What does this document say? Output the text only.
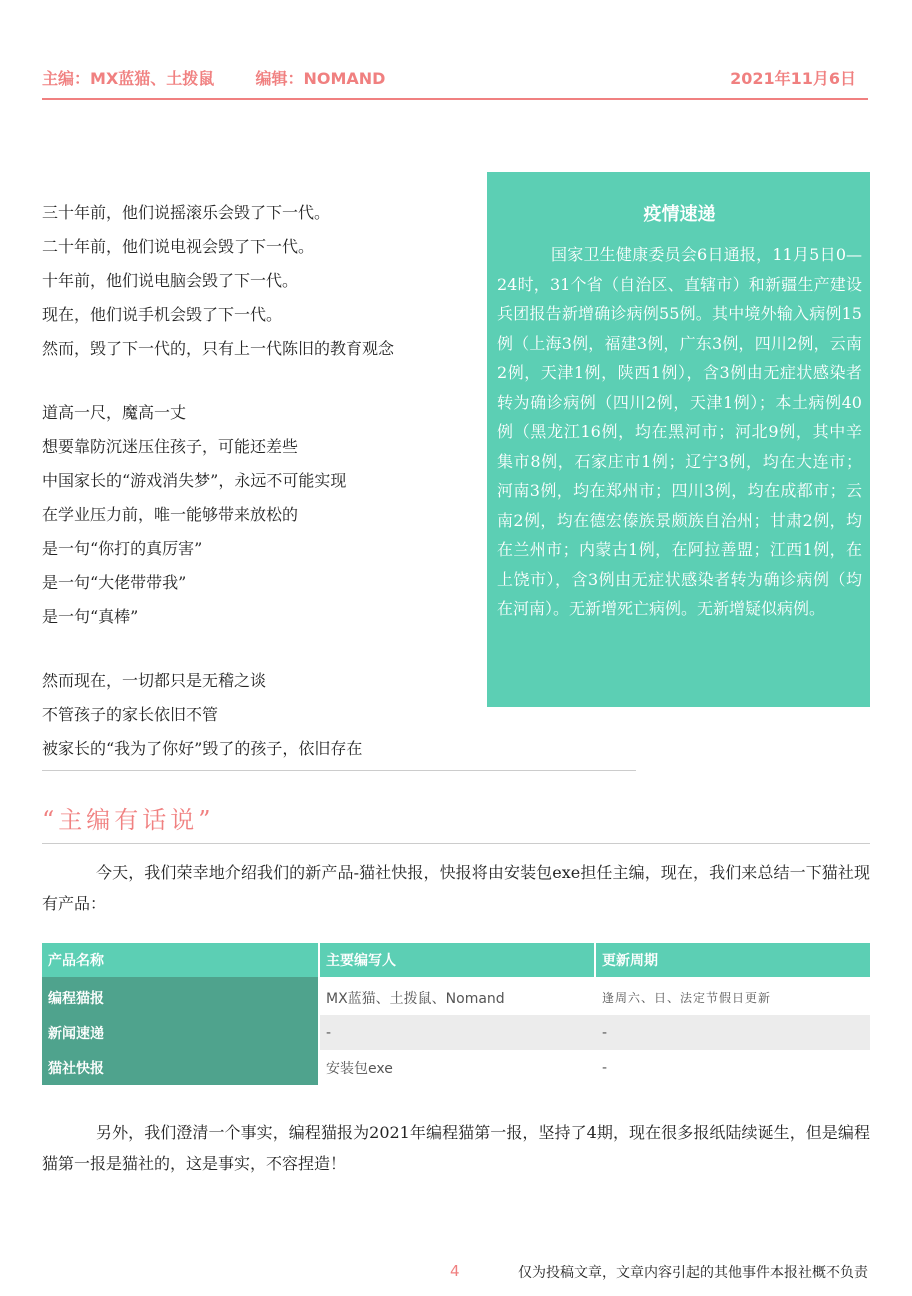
主编：MX蓝猫、土拨鼠	编辑：NOMAND	2021年11月6日

三十年前，他们说摇滚乐会毁了下一代。

二十年前，他们说电视会毁了下一代。

十年前，他们说电脑会毁了下一代。

现在，他们说手机会毁了下一代。

然而，毁了下一代的，只有上一代陈旧的教育观念

道高一尺，魔高一丈

想要靠防沉迷压住孩子，可能还差些

中国家长的“游戏消失梦”，永远不可能实现

在学业压力前，唯一能够带来放松的

是一句“你打的真厉害”

是一句“大佬带带我”

是一句“真棒”

然而现在，一切都只是无稽之谈

不管孩子的家长依旧不管

被家长的“我为了你好”毁了的孩子，依旧存在

疫情速递

国家卫生健康委员会6日通报，11月5日0—24时，31个省（自治区、直辖市）和新疆生产建设兵团报告新增确诊病例55例。其中境外输入病例15例（上海3例，福建3例，广东3例，四川2例，云南2例，天津1例，陕西1例），含3例由无症状感染者转为确诊病例（四川2例，天津1例）；本土病例40例（黑龙江16例，均在黑河市；河北9例，其中辛集市8例，石家庄市1例；辽宁3例，均在大连市；河南3例，均在郑州市；四川3例，均在成都市；云南2例，均在德宏傣族景颇族自治州；甘肃2例，均在兰州市；内蒙古1例，在阿拉善盟；江西1例，在上饶市），含3例由无症状感染者转为确诊病例（均在河南）。无新增死亡病例。无新增疑似病例。

“主编有话说”

今天，我们荣幸地介绍我们的新产品-猫社快报，快报将由安装包exe担任主编，现在，我们来总结一下猫社现有产品：

产品名称	主要编写人	更新周期
编程猫报	MX蓝猫、土拨鼠、Nomand	逢周六、日、法定节假日更新
新闻速递	-	-
猫社快报	安装包exe	-

另外，我们澄清一个事实，编程猫报为2021年编程猫第一报，坚持了4期，现在很多报纸陆续诞生，但是编程猫第一报是猫社的，这是事实，不容捏造！

4	仅为投稿文章，文章内容引起的其他事件本报社概不负责
